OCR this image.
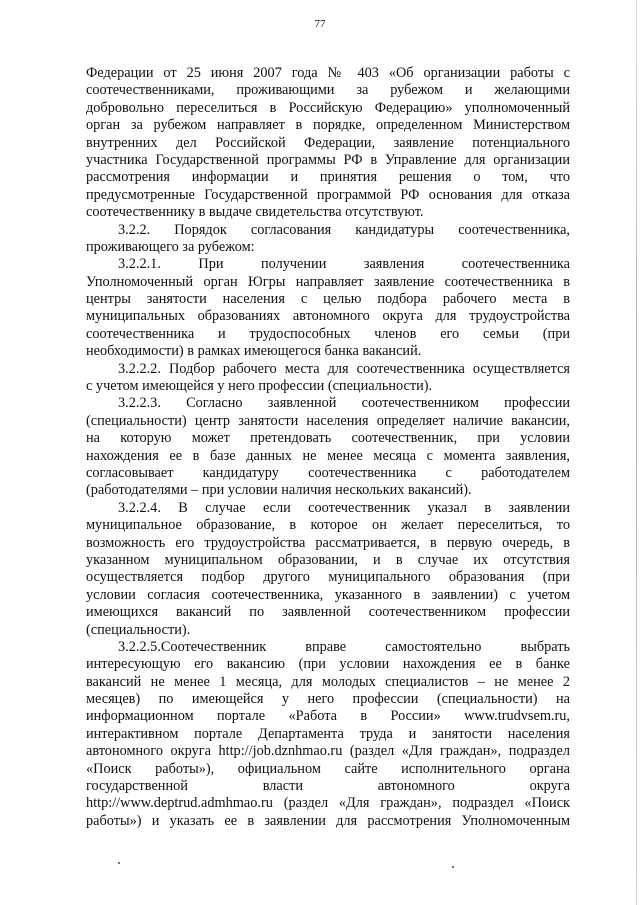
77
Федерации от 25 июня 2007 года № 403 «Об организации работы с
соотечественниками, проживающими за рубежом и желающими
добровольно переселиться в Российскую Федерацию» уполномоченный
орган за рубежом направляет в порядке, определенном Министерством
внутренних дел Российской Федерации, заявление потенциального
участника Государственной программы РФ в Управление для организации
рассмотрения информации и принятия решения о том, что
предусмотренные Государственной программой РФ основания для отказа
соотечественнику в выдаче свидетельства отсутствуют.
3.2.2. Порядок согласования кандидатуры соотечественника,
проживающего за рубежом:
3.2.2.1. При получении заявления соотечественника
Уполномоченный орган Югры направляет заявление соотечественника в
центры занятости населения с целью подбора рабочего места в
муниципальных образованиях автономного округа для трудоустройства
соотечественника и трудоспособных членов его семьи (при
необходимости) в рамках имеющегося банка вакансий.
3.2.2.2. Подбор рабочего места для соотечественника осуществляется
с учетом имеющейся у него профессии (специальности).
3.2.2.3. Согласно заявленной соотечественником профессии
(специальности) центр занятости населения определяет наличие вакансии,
на которую может претендовать соотечественник, при условии
нахождения ее в базе данных не менее месяца с момента заявления,
согласовывает кандидатуру соотечественника с работодателем
(работодателями – при условии наличия нескольких вакансий).
3.2.2.4. В случае если соотечественник указал в заявлении
муниципальное образование, в которое он желает переселиться, то
возможность его трудоустройства рассматривается, в первую очередь, в
указанном муниципальном образовании, и в случае их отсутствия
осуществляется подбор другого муниципального образования (при
условии согласия соотечественника, указанного в заявлении) с учетом
имеющихся вакансий по заявленной соотечественником профессии
(специальности).
3.2.2.5.Соотечественник вправе самостоятельно выбрать
интересующую его вакансию (при условии нахождения ее в банке
вакансий не менее 1 месяца, для молодых специалистов – не менее 2
месяцев) по имеющейся у него профессии (специальности) на
информационном портале «Работа в России» www.trudvsem.ru,
интерактивном портале Департамента труда и занятости населения
автономного округа http://job.dznhmao.ru (раздел «Для граждан», подраздел
«Поиск работы»), официальном сайте исполнительного органа
государственной власти автономного округа
http://www.deptrud.admhmao.ru (раздел «Для граждан», подраздел «Поиск
работы») и указать ее в заявлении для рассмотрения Уполномоченным
